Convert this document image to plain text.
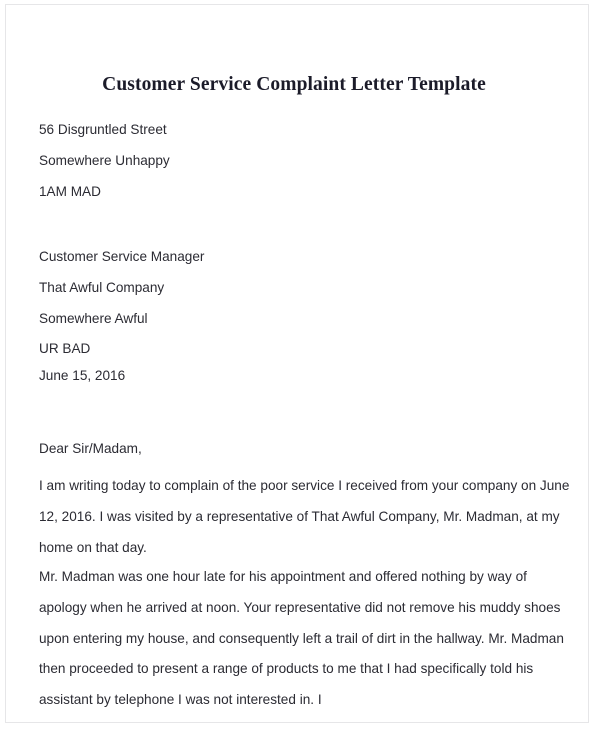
Customer Service Complaint Letter Template
56 Disgruntled Street
Somewhere Unhappy
1AM MAD
Customer Service Manager
That Awful Company
Somewhere Awful
UR BAD
June 15, 2016
Dear Sir/Madam,

I am writing today to complain of the poor service I received from your company on June 12, 2016. I was visited by a representative of That Awful Company, Mr. Madman, at my home on that day.

Mr. Madman was one hour late for his appointment and offered nothing by way of apology when he arrived at noon. Your representative did not remove his muddy shoes upon entering my house, and consequently left a trail of dirt in the hallway. Mr. Madman then proceeded to present a range of products to me that I had specifically told his assistant by telephone I was not interested in. I
